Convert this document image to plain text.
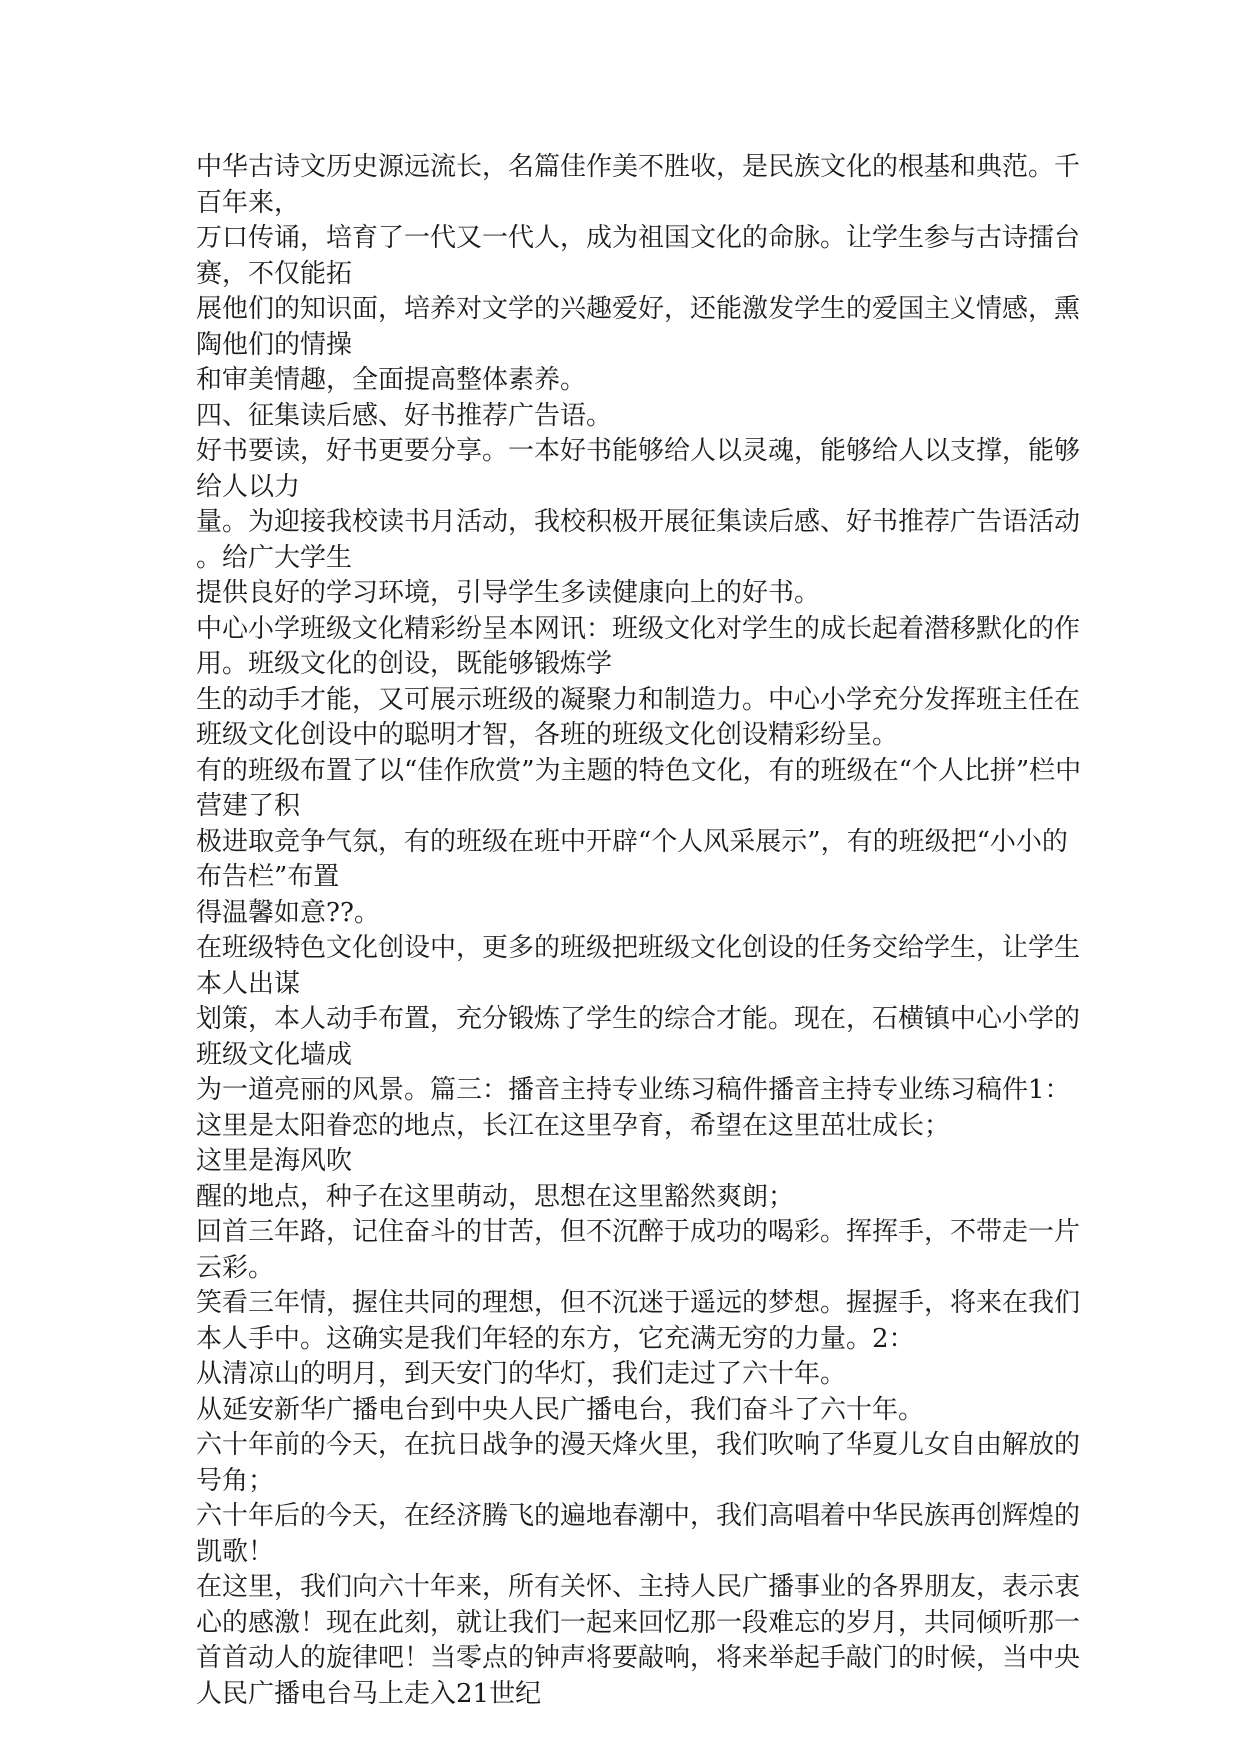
中华古诗文历史源远流长，名篇佳作美不胜收，是民族文化的根基和典范。千
百年来，
万口传诵，培育了一代又一代人，成为祖国文化的命脉。让学生参与古诗擂台
赛，不仅能拓
展他们的知识面，培养对文学的兴趣爱好，还能激发学生的爱国主义情感，熏
陶他们的情操
和审美情趣，全面提高整体素养。
四、征集读后感、好书推荐广告语。
好书要读，好书更要分享。一本好书能够给人以灵魂，能够给人以支撑，能够
给人以力
量。为迎接我校读书月活动，我校积极开展征集读后感、好书推荐广告语活动
。给广大学生
提供良好的学习环境，引导学生多读健康向上的好书。
中心小学班级文化精彩纷呈本网讯：班级文化对学生的成长起着潜移默化的作
用。班级文化的创设，既能够锻炼学
生的动手才能，又可展示班级的凝聚力和制造力。中心小学充分发挥班主任在
班级文化创设中的聪明才智，各班的班级文化创设精彩纷呈。
有的班级布置了以“佳作欣赏”为主题的特色文化，有的班级在“个人比拼”栏中
营建了积
极进取竞争气氛，有的班级在班中开辟“个人风采展示”，有的班级把“小小的
布告栏”布置
得温馨如意??。
在班级特色文化创设中，更多的班级把班级文化创设的任务交给学生，让学生
本人出谋
划策，本人动手布置，充分锻炼了学生的综合才能。现在，石横镇中心小学的
班级文化墙成
为一道亮丽的风景。篇三：播音主持专业练习稿件播音主持专业练习稿件1：
这里是太阳眷恋的地点，长江在这里孕育，希望在这里茁壮成长；
这里是海风吹
醒的地点，种子在这里萌动，思想在这里豁然爽朗；
回首三年路，记住奋斗的甘苦，但不沉醉于成功的喝彩。挥挥手，不带走一片
云彩。
笑看三年情，握住共同的理想，但不沉迷于遥远的梦想。握握手，将来在我们
本人手中。这确实是我们年轻的东方，它充满无穷的力量。2：
从清凉山的明月，到天安门的华灯，我们走过了六十年。
从延安新华广播电台到中央人民广播电台，我们奋斗了六十年。
六十年前的今天，在抗日战争的漫天烽火里，我们吹响了华夏儿女自由解放的
号角；
六十年后的今天，在经济腾飞的遍地春潮中，我们高唱着中华民族再创辉煌的
凯歌！
在这里，我们向六十年来，所有关怀、主持人民广播事业的各界朋友，表示衷
心的感激！现在此刻，就让我们一起来回忆那一段难忘的岁月，共同倾听那一
首首动人的旋律吧！当零点的钟声将要敲响，将来举起手敲门的时候，当中央
人民广播电台马上走入21世纪
